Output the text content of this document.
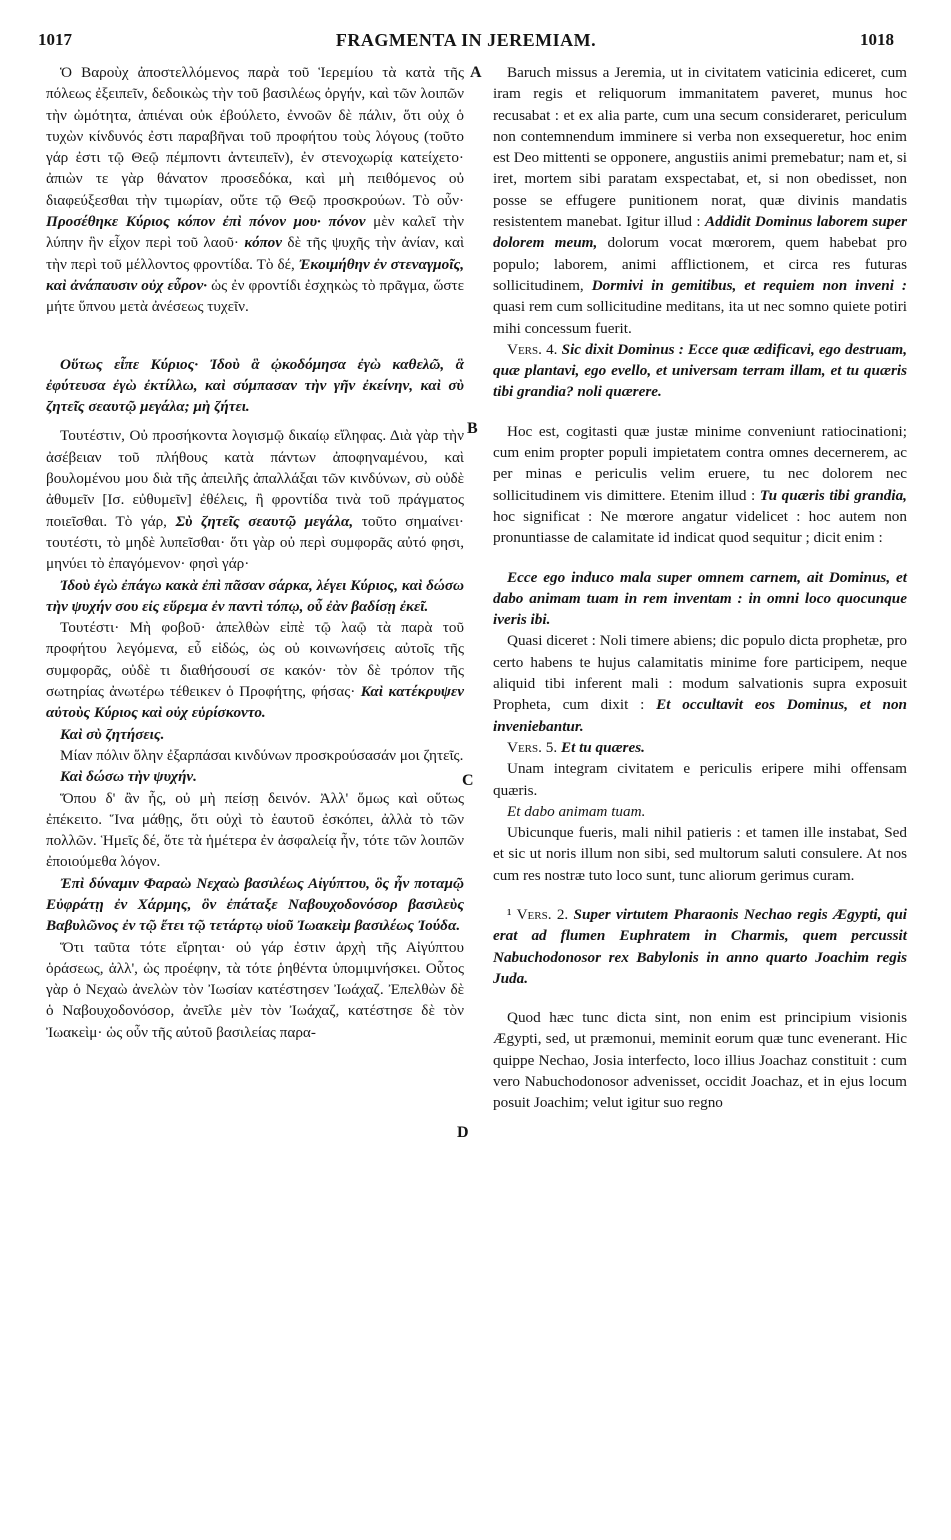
1017	FRAGMENTA IN JEREMIAM.	1018
A
B
C
D

Ὁ Βαροὺχ ἀποστελλόμενος παρὰ τοῦ Ἱερεμίου τὰ κατὰ τῆς πόλεως ἐξειπεῖν, δεδοικὼς τὴν τοῦ βασιλέως ὀργήν, καὶ τῶν λοιπῶν τὴν ὠμότητα, ἀπιέναι οὐκ ἐβούλετο, ἐννοῶν δὲ πάλιν, ὅτι οὐχ ὁ τυχὼν κίνδυνός ἐστι παραβῆναι τοῦ προφήτου τοὺς λόγους (τοῦτο γάρ ἐστι τῷ Θεῷ πέμποντι ἀντειπεῖν), ἐν στενοχωρίᾳ κατείχετο· ἀπιὼν τε γὰρ θάνατον προσεδόκα, καὶ μὴ πειθόμενος οὐ διαφεύξεσθαι τὴν τιμωρίαν, οὔτε τῷ Θεῷ προσκρούων. Τὸ οὖν· Προσέθηκε Κύριος κόπον ἐπὶ πόνον μου· πόνον μὲν καλεῖ τὴν λύπην ἣν εἶχον περὶ τοῦ λαοῦ· κόπον δὲ τῆς ψυχῆς τὴν ἀνίαν, καὶ τὴν περὶ τοῦ μέλλοντος φροντίδα. Τὸ δέ, Ἐκοιμήθην ἐν στεναγμοῖς, καὶ ἀνάπαυσιν οὐχ εὗρον· ὡς ἐν φροντίδι ἐσχηκὼς τὸ πρᾶγμα, ὥστε μήτε ὕπνου μετὰ ἀνέσεως τυχεῖν.

Οὕτως εἶπε Κύριος· Ἰδοὺ ἃ ᾠκοδόμησα ἐγὼ καθελῶ, ἃ ἐφύτευσα ἐγὼ ἐκτίλλω, καὶ σύμπασαν τὴν γῆν ἐκείνην, καὶ σὺ ζητεῖς σεαυτῷ μεγάλα; μὴ ζήτει.

Τουτέστιν, Οὐ προσήκοντα λογισμῷ δικαίῳ εἴληφας. Διὰ γὰρ τὴν ἀσέβειαν τοῦ πλήθους κατὰ πάντων ἀποφηναμένου, καὶ βουλομένου μου διὰ τῆς ἀπειλῆς ἀπαλλάξαι τῶν κινδύνων, σὺ οὐδὲ ἀθυμεῖν [Ισ. εὐθυμεῖν] ἐθέλεις, ἢ φροντίδα τινὰ τοῦ πράγματος ποιεῖσθαι. Τὸ γάρ, Σὺ ζητεῖς σεαυτῷ μεγάλα, τοῦτο σημαίνει· τουτέστι, τὸ μηδὲ λυπεῖσθαι· ὅτι γὰρ οὐ περὶ συμφορᾶς αὐτό φησι, μηνύει τὸ ἐπαγόμενον· φησὶ γάρ·

Ἰδοὺ ἐγὼ ἐπάγω κακὰ ἐπὶ πᾶσαν σάρκα, λέγει Κύριος, καὶ δώσω τὴν ψυχήν σου εἰς εὕρεμα ἐν παντὶ τόπῳ, οὗ ἐὰν βαδίσῃ ἐκεῖ.

Τουτέστι· Μὴ φοβοῦ· ἀπελθὼν εἰπὲ τῷ λαῷ τὰ παρὰ τοῦ προφήτου λεγόμενα, εὖ εἰδώς, ὡς οὐ κοινωνήσεις αὐτοῖς τῆς συμφορᾶς, οὐδὲ τι διαθήσουσί σε κακόν· τὸν δὲ τρόπον τῆς σωτηρίας ἀνωτέρω τέθεικεν ὁ Προφήτης, φήσας· Καὶ κατέκρυψεν αὐτοὺς Κύριος καὶ οὐχ εὑρίσκοντο.

Καὶ σὺ ζητήσεις.

Μίαν πόλιν ὅλην ἐξαρπάσαι κινδύνων προσκρούσασάν μοι ζητεῖς.

Καὶ δώσω τὴν ψυχήν.

Ὅπου δ' ἂν ἦς, οὐ μὴ πείσῃ δεινόν. Ἀλλ' ὅμως καὶ οὕτως ἐπέκειτο. Ἵνα μάθῃς, ὅτι οὐχὶ τὸ ἑαυτοῦ ἐσκόπει, ἀλλὰ τὸ τῶν πολλῶν. Ἡμεῖς δέ, ὅτε τὰ ἡμέτερα ἐν ἀσφαλείᾳ ἦν, τότε τῶν λοιπῶν ἐποιούμεθα λόγον.

Ἐπὶ δύναμιν Φαραὼ Νεχαὼ βασιλέως Αἰγύπτου, ὃς ἦν ποταμῷ Εὐφράτῃ ἐν Χάρμης, ὃν ἐπάταξε Ναβουχοδονόσορ βασιλεὺς Βαβυλῶνος ἐν τῷ ἔτει τῷ τετάρτῳ υἱοῦ Ἰωακεὶμ βασιλέως Ἰούδα.

Ὅτι ταῦτα τότε εἴρηται· οὐ γάρ ἐστιν ἀρχὴ τῆς Αἰγύπτου ὁράσεως, ἀλλ', ὡς προέφην, τὰ τότε ῥηθέντα ὑπομιμνήσκει. Οὗτος γὰρ ὁ Νεχαὼ ἀνελὼν τὸν Ἰωσίαν κατέστησεν Ἰωάχαζ. Ἐπελθὼν δὲ ὁ Ναβουχοδονόσορ, ἀνεῖλε μὲν τὸν Ἰωάχαζ, κατέστησε δὲ τὸν Ἰωακεὶμ· ὡς οὖν τῆς αὐτοῦ βασιλείας παρα-

Baruch missus a Jeremia, ut in civitatem vaticinia ediceret, cum iram regis et reliquorum immanitatem paveret, munus hoc recusabat : et ex alia parte, cum una secum consideraret, periculum non contemnendum imminere si verba non exsequeretur, hoc enim est Deo mittenti se opponere, angustiis animi premebatur; nam et, si iret, mortem sibi paratam exspectabat, et, si non obedisset, non posse se effugere punitionem norat, quæ divinis mandatis resistentem manebat. Igitur illud : Addidit Dominus laborem super dolorem meum, dolorum vocat mœrorem, quem habebat pro populo; laborem, animi afflictionem, et circa res futuras sollicitudinem, Dormivi in gemitibus, et requiem non inveni : quasi rem cum sollicitudine meditans, ita ut nec somno quiete potiri mihi concessum fuerit.

Vers. 4. Sic dixit Dominus : Ecce quæ ædificavi, ego destruam, quæ plantavi, ego evello, et universam terram illam, et tu quæris tibi grandia? noli quærere.

Hoc est, cogitasti quæ justæ minime conveniunt ratiocinationi; cum enim propter populi impietatem contra omnes decernerem, ac per minas e periculis velim eruere, tu nec dolorem nec sollicitudinem vis dimittere. Etenim illud : Tu quæris tibi grandia, hoc significat : Ne mœrore angatur videlicet : hoc autem non pronuntiasse de calamitate id indicat quod sequitur ; dicit enim :

Ecce ego induco mala super omnem carnem, ait Dominus, et dabo animam tuam in rem inventam : in omni loco quocunque iveris ibi.

Quasi diceret : Noli timere abiens; dic populo dicta prophetæ, pro certo habens te hujus calamitatis minime fore participem, neque aliquid tibi inferent mali : modum salvationis supra exposuit Propheta, cum dixit : Et occultavit eos Dominus, et non inveniebantur.

Vers. 5. Et tu quæres.

Unam integram civitatem e periculis eripere mihi offensam quæris.

Et dabo animam tuam.

Ubicunque fueris, mali nihil patieris : et tamen ille instabat, Sed et sic ut noris illum non sibi, sed multorum saluti consulere. At nos cum res nostræ tuto loco sunt, tunc aliorum gerimus curam.

¹ Vers. 2. Super virtutem Pharaonis Nechao regis Ægypti, qui erat ad flumen Euphratem in Charmis, quem percussit Nabuchodonosor rex Babylonis in anno quarto Joachim regis Juda.

Quod hæc tunc dicta sint, non enim est principium visionis Ægypti, sed, ut præmonui, meminit eorum quæ tunc evenerant. Hic quippe Nechao, Josia interfecto, loco illius Joachaz constituit : cum vero Nabuchodonosor advenisset, occidit Joachaz, et in ejus locum posuit Joachim; velut igitur suo regno
